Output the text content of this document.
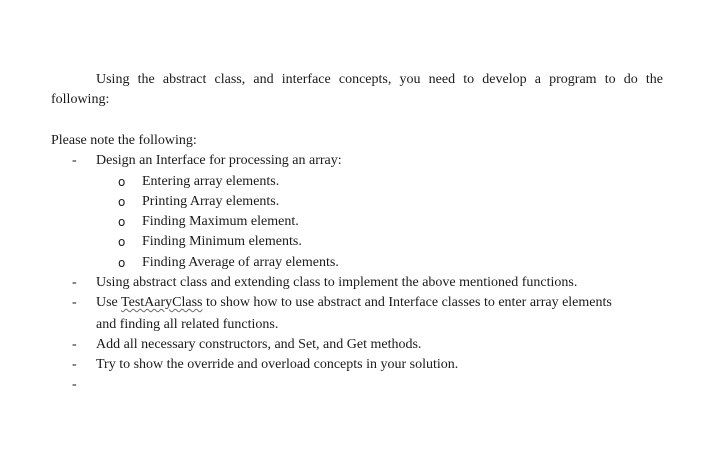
Using the abstract class, and interface concepts, you need to develop a program to do the
following:
Please note the following:
- Design an Interface for processing an array:
o Entering array elements.
o Printing Array elements.
o Finding Maximum element.
o Finding Minimum elements.
o Finding Average of array elements.
- Using abstract class and extending class to implement the above mentioned functions.
- Use TestAaryClass to show how to use abstract and Interface classes to enter array elements
and finding all related functions.
- Add all necessary constructors, and Set, and Get methods.
- Try to show the override and overload concepts in your solution.
-
